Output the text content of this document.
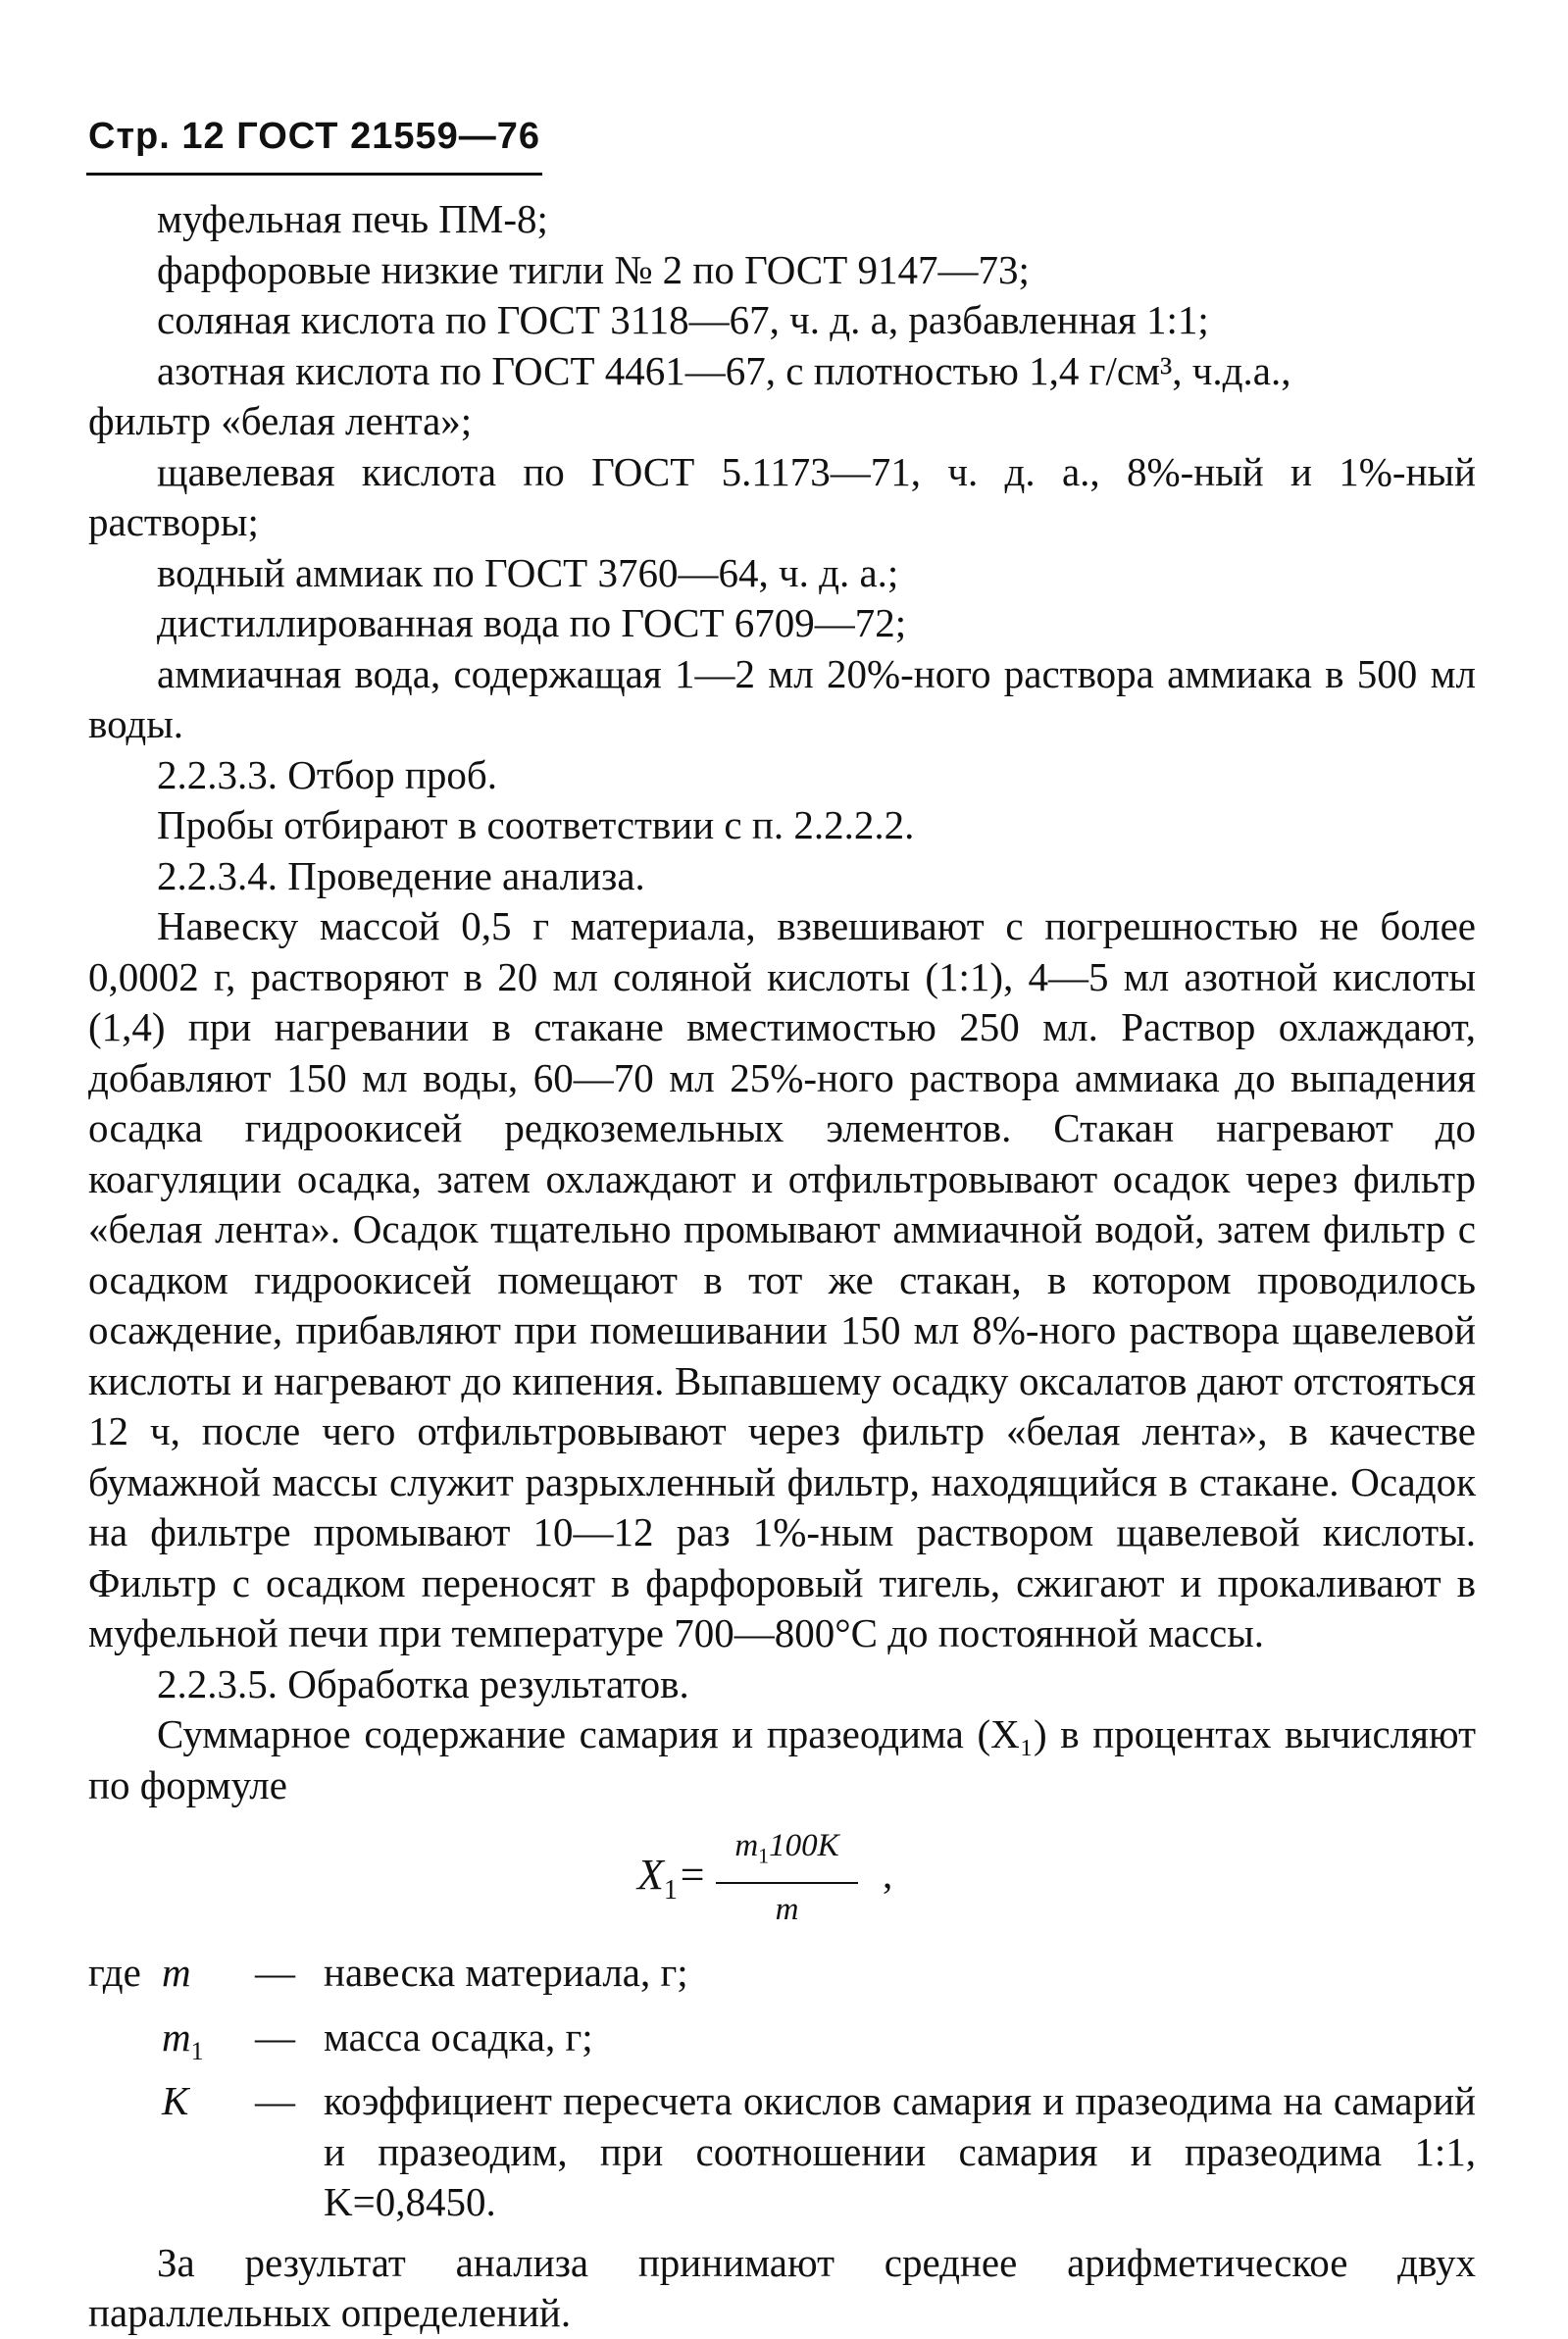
Стр. 12 ГОСТ 21559—76

муфельная печь ПМ-8;

фарфоровые низкие тигли № 2 по ГОСТ 9147—73;

соляная кислота по ГОСТ 3118—67, ч. д. а, разбавленная 1:1;

азотная кислота по ГОСТ 4461—67, с плотностью 1,4 г/см³, ч.д.а.,

фильтр «белая лента»;

щавелевая кислота по ГОСТ 5.1173—71, ч. д. а., 8%-ный и 1%-ный растворы;

водный аммиак по ГОСТ 3760—64, ч. д. а.;

дистиллированная вода по ГОСТ 6709—72;

аммиачная вода, содержащая 1—2 мл 20%-ного раствора аммиака в 500 мл воды.

2.2.3.3. Отбор проб.

Пробы отбирают в соответствии с п. 2.2.2.2.

2.2.3.4. Проведение анализа.

Навеску массой 0,5 г материала, взвешивают с погрешностью не более 0,0002 г, растворяют в 20 мл соляной кислоты (1:1), 4—5 мл азотной кислоты (1,4) при нагревании в стакане вместимостью 250 мл. Раствор охлаждают, добавляют 150 мл воды, 60—70 мл 25%-ного раствора аммиака до выпадения осадка гидроокисей редкоземельных элементов. Стакан нагревают до коагуляции осадка, затем охлаждают и отфильтровывают осадок через фильтр «белая лента». Осадок тщательно промывают аммиачной водой, затем фильтр с осадком гидроокисей помещают в тот же стакан, в котором проводилось осаждение, прибавляют при помешивании 150 мл 8%-ного раствора щавелевой кислоты и нагревают до кипения. Выпавшему осадку оксалатов дают отстояться 12 ч, после чего отфильтровывают через фильтр «белая лента», в качестве бумажной массы служит разрыхленный фильтр, находящийся в стакане. Осадок на фильтре промывают 10—12 раз 1%-ным раствором щавелевой кислоты. Фильтр с осадком переносят в фарфоровый тигель, сжигают и прокаливают в муфельной печи при температуре 700—800°С до постоянной массы.

2.2.3.5. Обработка результатов.

Суммарное содержание самария и празеодима (X₁) в процентах вычисляют по формуле

$X_1=$
$m_1100K$
m
,
где	m	—	навеска материала, г;
	$m_1$	—	масса осадка, г;
	K	—	коэффициент пересчета окислов самария и празеодима на самарий и празеодим, при соотношении самария и празеодима 1:1, K=0,8450.

За результат анализа принимают среднее арифметическое двух параллельных определений.
